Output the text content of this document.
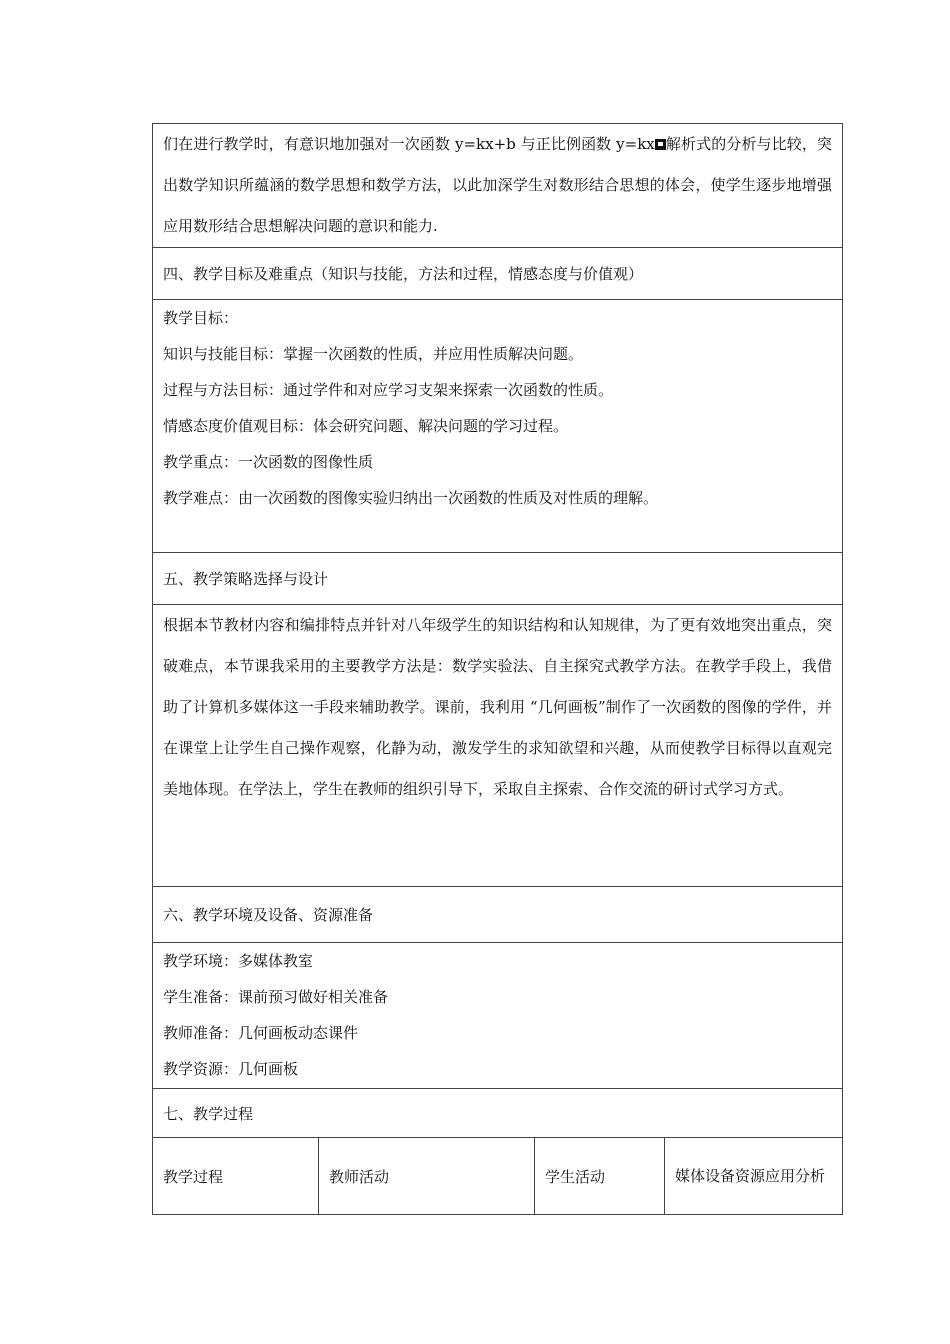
们在进行教学时，有意识地加强对一次函数 y=kx+b 与正比例函数 y=kx 解析式的分析与比较，突出数学知识所蕴涵的数学思想和数学方法，以此加深学生对数形结合思想的体会，使学生逐步地增强应用数形结合思想解决问题的意识和能力.

四、教学目标及难重点（知识与技能，方法和过程，情感态度与价值观）

教学目标：

知识与技能目标：掌握一次函数的性质，并应用性质解决问题。

过程与方法目标：通过学件和对应学习支架来探索一次函数的性质。

情感态度价值观目标：体会研究问题、解决问题的学习过程。

教学重点：一次函数的图像性质

教学难点：由一次函数的图像实验归纳出一次函数的性质及对性质的理解。

五、教学策略选择与设计

根据本节教材内容和编排特点并针对八年级学生的知识结构和认知规律，为了更有效地突出重点，突破难点，本节课我采用的主要教学方法是：数学实验法、自主探究式教学方法。在教学手段上，我借助了计算机多媒体这一手段来辅助教学。课前，我利用 “几何画板”制作了一次函数的图像的学件，并在课堂上让学生自己操作观察，化静为动，激发学生的求知欲望和兴趣，从而使教学目标得以直观完美地体现。在学法上，学生在教师的组织引导下，采取自主探索、合作交流的研讨式学习方式。

六、教学环境及设备、资源准备

教学环境：多媒体教室

学生准备：课前预习做好相关准备

教师准备：几何画板动态课件

教学资源：几何画板

七、教学过程
教学过程	教师活动	学生活动	媒体设备资源应用分析
